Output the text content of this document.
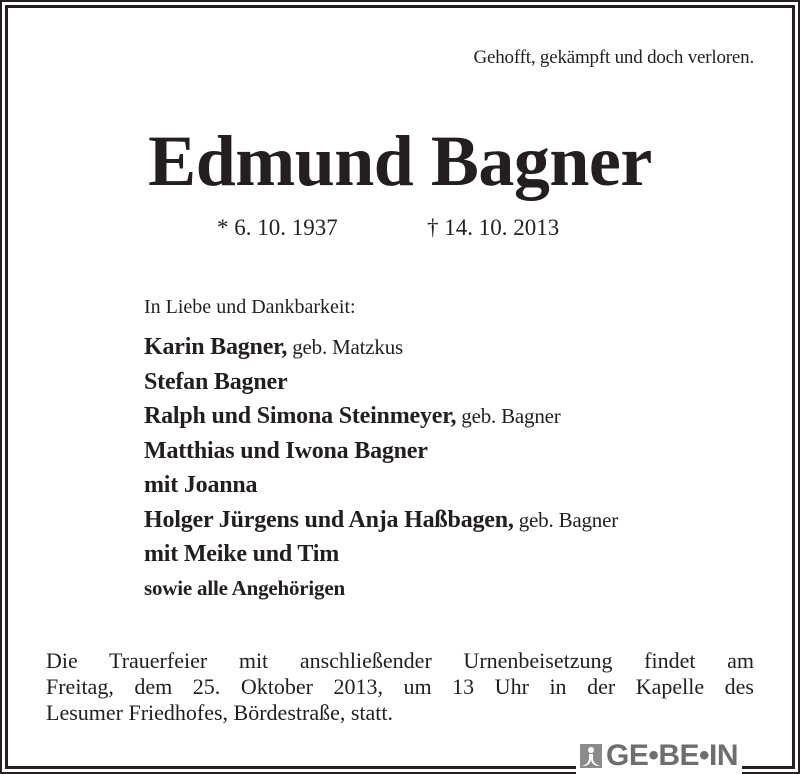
Gehofft, gekämpft und doch verloren.
Edmund Bagner
* 6. 10. 1937	† 14. 10. 2013
In Liebe und Dankbarkeit:
Karin Bagner, geb. Matzkus
Stefan Bagner
Ralph und Simona Steinmeyer, geb. Bagner
Matthias und Iwona Bagner
mit Joanna
Holger Jürgens und Anja Haßbagen, geb. Bagner
mit Meike und Tim
sowie alle Angehörigen
Die Trauerfeier mit anschließender Urnenbeisetzung findet am
Freitag, dem 25. Oktober 2013, um 13 Uhr in der Kapelle des
Lesumer Friedhofes, Bördestraße, statt.
GE•BE•IN
